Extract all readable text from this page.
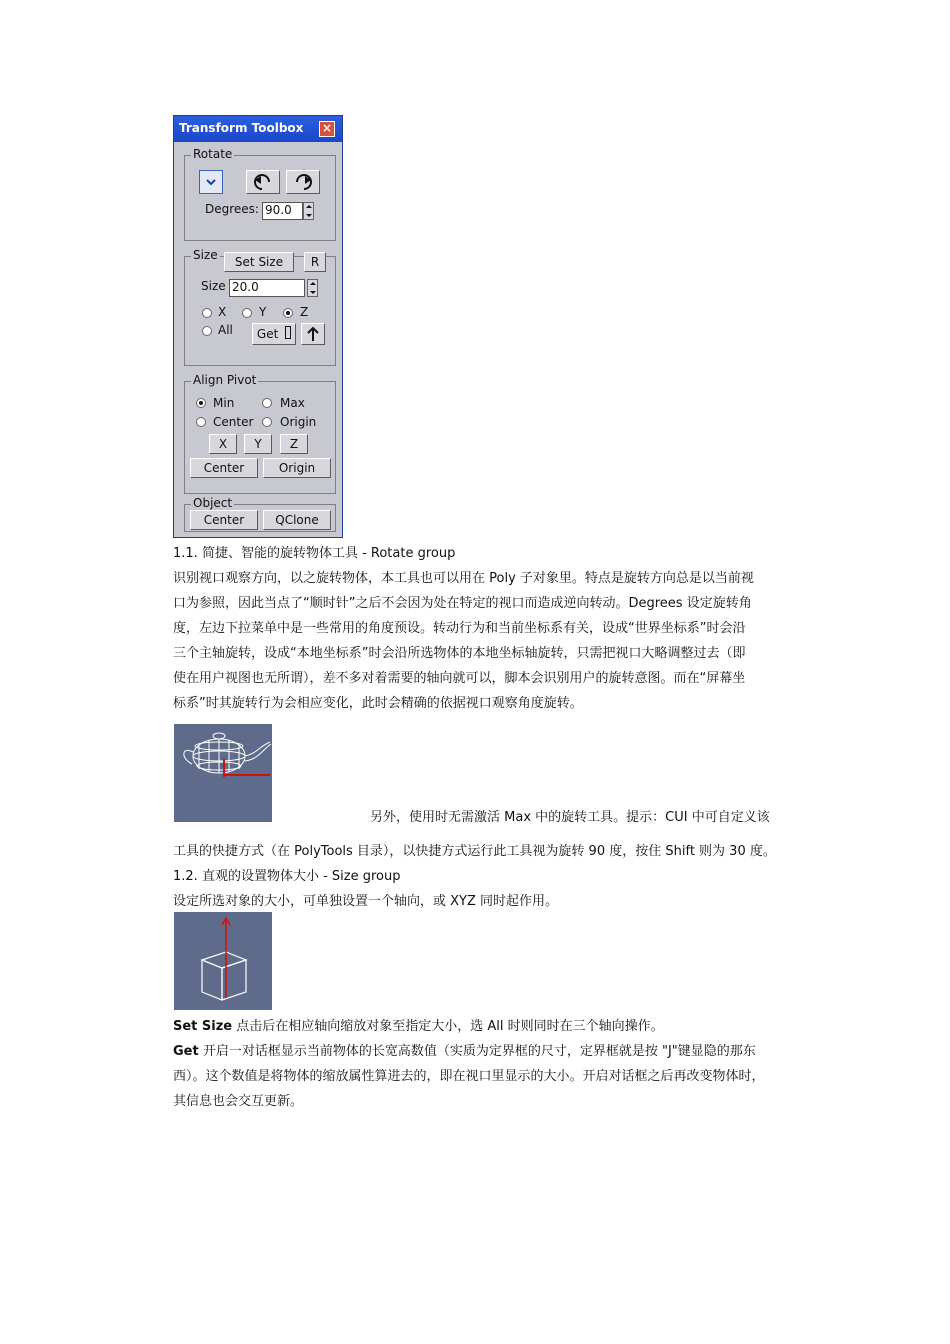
Transform Toolbox ×
Rotate
Degrees: 90.0
Size	Set Size	R
Size 20.0
X	Y	Z
All	Get
Align Pivot
Min	Max
Center Origin
X	Y	Z
Center	Origin
Object
Center	QClone
1.1. 简捷、智能的旋转物体工具 - Rotate group
识别视口观察方向，以之旋转物体，本工具也可以用在 Poly 子对象里。特点是旋转方向总是以当前视
口为参照，因此当点了“顺时针”之后不会因为处在特定的视口而造成逆向转动。Degrees 设定旋转角
度，左边下拉菜单中是一些常用的角度预设。转动行为和当前坐标系有关，设成“世界坐标系”时会沿
三个主轴旋转，设成“本地坐标系”时会沿所选物体的本地坐标轴旋转，只需把视口大略调整过去（即
使在用户视图也无所谓），差不多对着需要的轴向就可以，脚本会识别用户的旋转意图。而在“屏幕坐
标系”时其旋转行为会相应变化，此时会精确的依据视口观察角度旋转。
另外，使用时无需激活 Max 中的旋转工具。提示：CUI 中可自定义该
工具的快捷方式（在 PolyTools 目录），以快捷方式运行此工具视为旋转 90 度，按住 Shift 则为 30 度。
1.2. 直观的设置物体大小 - Size group
设定所选对象的大小，可单独设置一个轴向，或 XYZ 同时起作用。
Set Size 点击后在相应轴向缩放对象至指定大小，选 All 时则同时在三个轴向操作。
Get 开启一对话框显示当前物体的长宽高数值（实质为定界框的尺寸，定界框就是按 "J"键显隐的那东
西）。这个数值是将物体的缩放属性算进去的，即在视口里显示的大小。开启对话框之后再改变物体时，
其信息也会交互更新。
